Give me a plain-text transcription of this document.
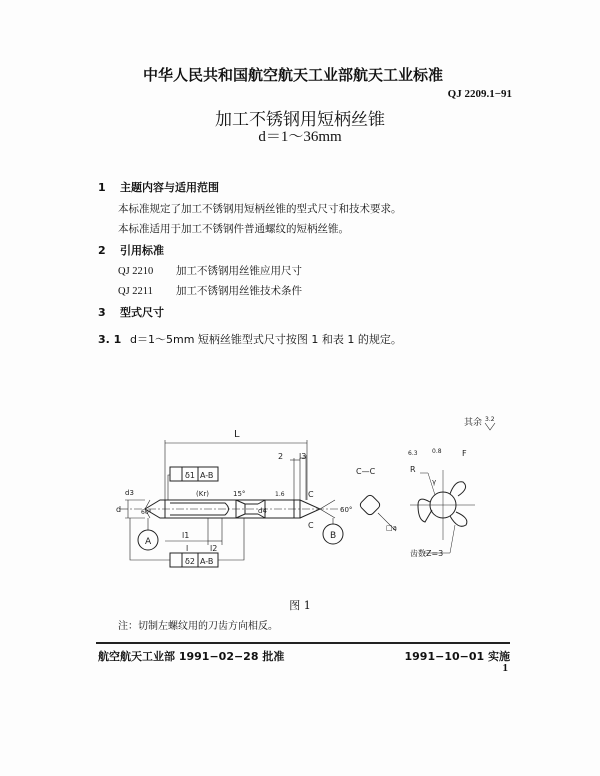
中华人民共和国航空航天工业部航天工业标准
QJ 2209.1−91
加工不锈钢用短柄丝锥
d＝1～36mm
1 主题内容与适用范围
本标准规定了加工不锈钢用短柄丝锥的型式尺寸和技术要求。
本标准适用于加工不锈钢件普通螺纹的短柄丝锥。
2 引用标准
QJ 2210 加工不锈钢用丝锥应用尺寸
QJ 2211 加工不锈钢用丝锥技术条件
3 型式尺寸
3. 1 d＝1～5mm 短柄丝锥型式尺寸按图 1 和表 1 的规定。
L
l1
l	l2
l3
2
d
d3
d4
60°	60°
15°
(Kr)
δ1 A-B
δ2 A-B
A
B
C
C
C—C
□a
R
F
γ
6.3 0.8
1.6
齿数Z=3
其余 3.2
图 1
注：切制左螺纹用的刀齿方向相反。
航空航天工业部 1991−02−28 批准	1991−10−01 实施
1
